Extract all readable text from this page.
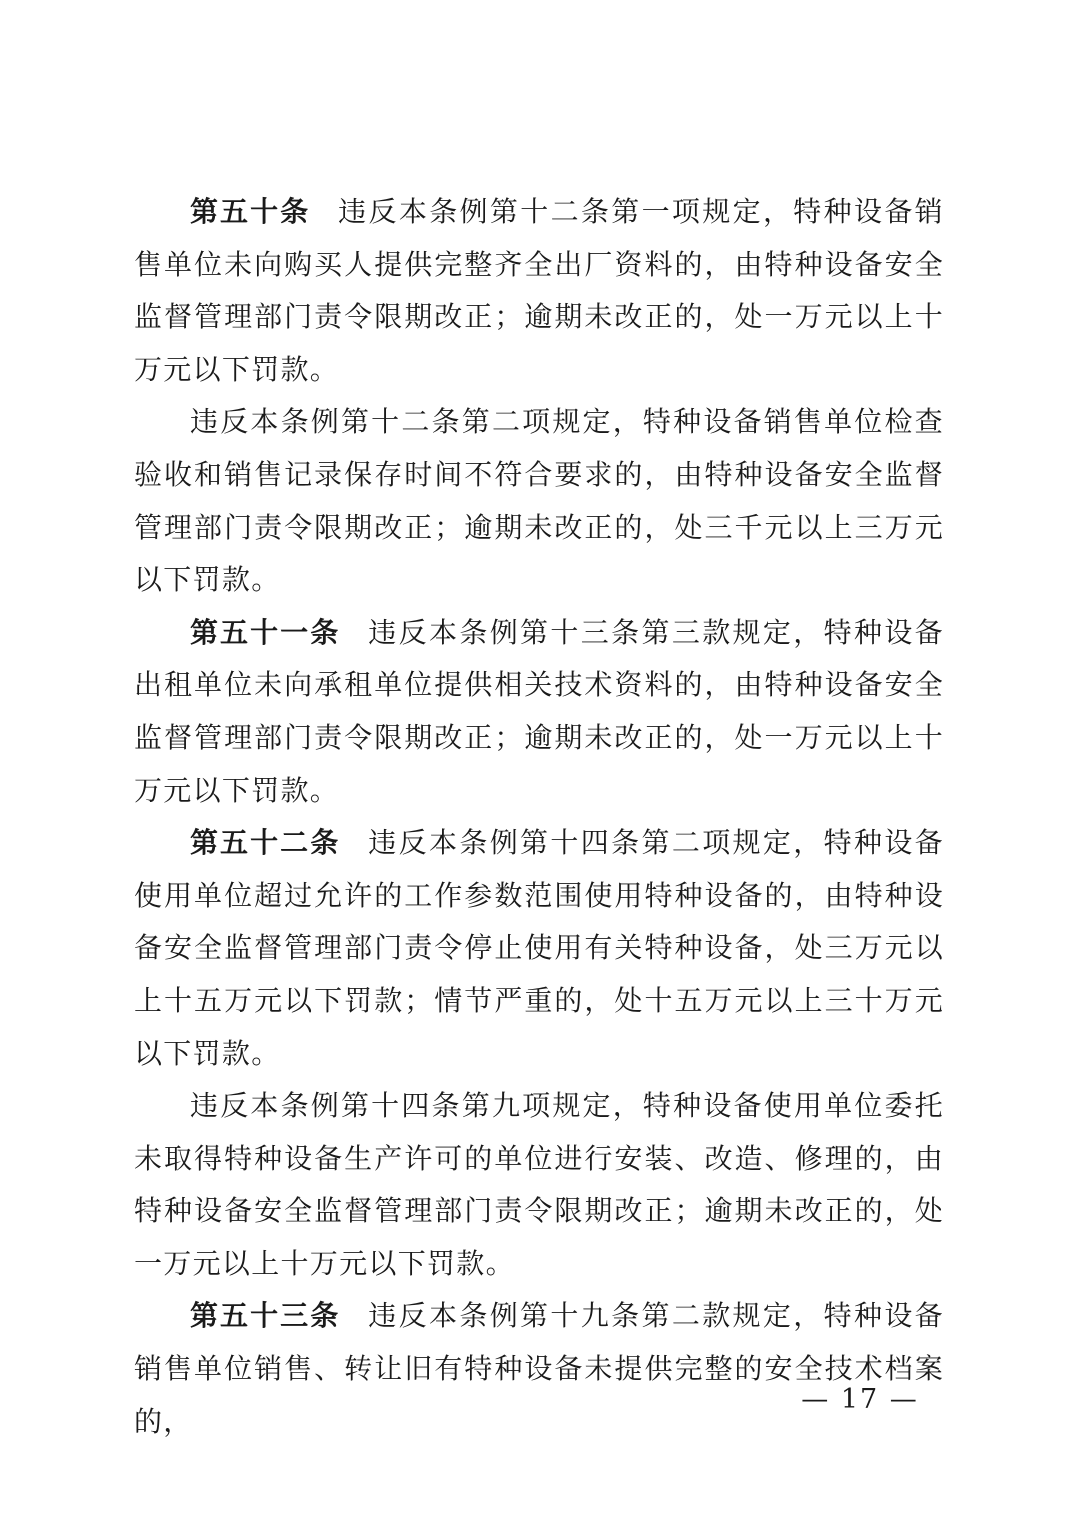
第五十条 违反本条例第十二条第一项规定，特种设备销售单位未向购买人提供完整齐全出厂资料的，由特种设备安全监督管理部门责令限期改正；逾期未改正的，处一万元以上十万元以下罚款。

违反本条例第十二条第二项规定，特种设备销售单位检查验收和销售记录保存时间不符合要求的，由特种设备安全监督管理部门责令限期改正；逾期未改正的，处三千元以上三万元以下罚款。

第五十一条 违反本条例第十三条第三款规定，特种设备出租单位未向承租单位提供相关技术资料的，由特种设备安全监督管理部门责令限期改正；逾期未改正的，处一万元以上十万元以下罚款。

第五十二条 违反本条例第十四条第二项规定，特种设备使用单位超过允许的工作参数范围使用特种设备的，由特种设备安全监督管理部门责令停止使用有关特种设备，处三万元以上十五万元以下罚款；情节严重的，处十五万元以上三十万元以下罚款。

违反本条例第十四条第九项规定，特种设备使用单位委托未取得特种设备生产许可的单位进行安装、改造、修理的，由特种设备安全监督管理部门责令限期改正；逾期未改正的，处一万元以上十万元以下罚款。

第五十三条 违反本条例第十九条第二款规定，特种设备销售单位销售、转让旧有特种设备未提供完整的安全技术档案的，

— 17 —
